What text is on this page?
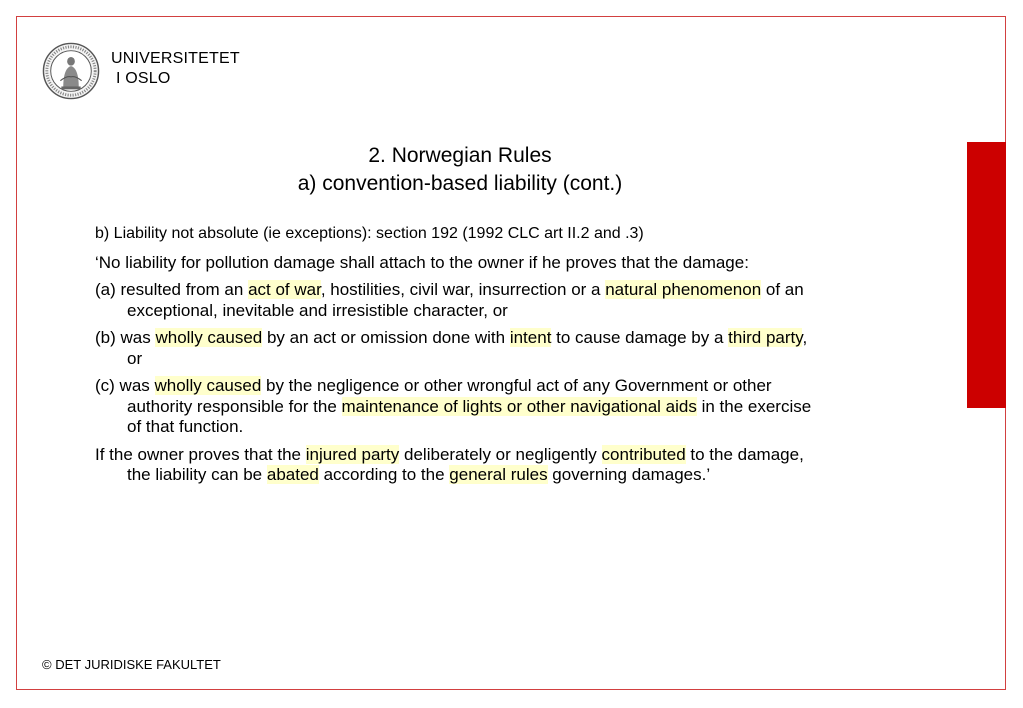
UNIVERSITETET
I OSLO
2. Norwegian Rules
a) convention-based liability (cont.)

b) Liability not absolute (ie exceptions): section 192 (1992 CLC art II.2 and .3)

‘No liability for pollution damage shall attach to the owner if he proves that the damage:

(a) resulted from an act of war, hostilities, civil war, insurrection or a natural phenomenon of an exceptional, inevitable and irresistible character, or

(b) was wholly caused by an act or omission done with intent to cause damage by a third party, or

(c) was wholly caused by the negligence or other wrongful act of any Government or other authority responsible for the maintenance of lights or other navigational aids in the exercise of that function.

If the owner proves that the injured party deliberately or negligently contributed to the damage, the liability can be abated according to the general rules governing damages.’

© DET JURIDISKE FAKULTET
